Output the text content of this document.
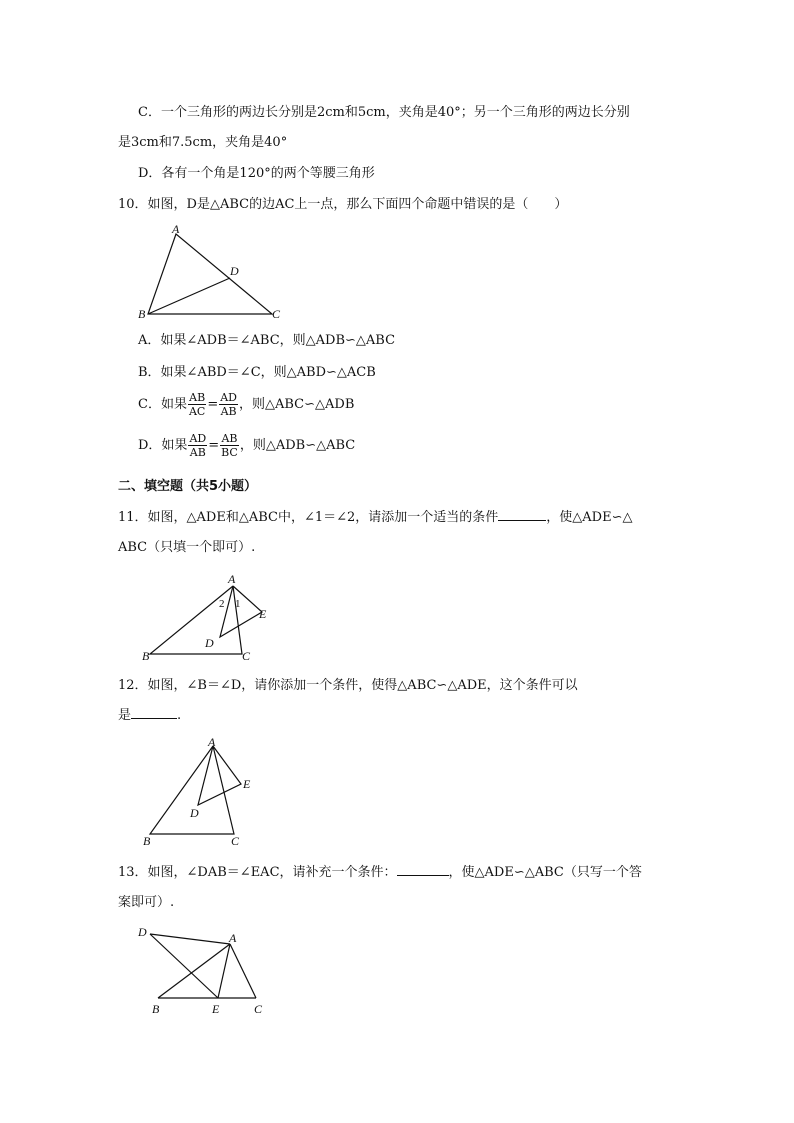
C．一个三角形的两边长分别是2cm和5cm，夹角是40°；另一个三角形的两边长分别
是3cm和7.5cm，夹角是40°
D．各有一个角是120°的两个等腰三角形
10．如图，D是△ABC的边AC上一点，那么下面四个命题中错误的是（　　）
A
D
B	C
A．如果∠ADB＝∠ABC，则△ADB∽△ABC
B．如果∠ABD＝∠C，则△ABD∽△ACB
C．如果 $\frac{AB}{AC} = \frac{AD}{AB}$ ，则△ABC∽△ADB
D．如果 $\frac{AD}{AB} = \frac{AB}{BC}$ ，则△ADB∽△ABC
二、填空题（共5小题）
11．如图，△ADE和△ABC中，∠1＝∠2，请添加一个适当的条件	，使△ADE∽△
ABC（只填一个即可）.
A
2 1
E
D
B	C
12．如图，∠B＝∠D，请你添加一个条件，使得△ABC∽△ADE，这个条件可以
是	.
A
E
D
B	C
13．如图，∠DAB＝∠EAC，请补充一个条件：	，使△ADE∽△ABC（只写一个答
案即可）.
D	A
B	E	C
